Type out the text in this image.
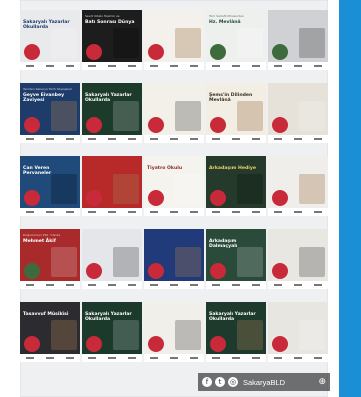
Sakaryalı Yazarlar Okullarda
Sevdi Kitabı Hazırlık ve
Batı Sonrası Dünya
Türk Sahaflı Mirasından
Hz. Mevlânâ
Yeniden Sakarya Tarih Söyleşileri
Geyve Eivanbey Zaviyesi
Sakaryalı Yazarlar Okullarda
Şems'in Dilinden Mevlânâ
Can Veren Pervaneler
Tiyatro Okulu	Arkadaşım Hediye
Doğumunun 150. Yılında
Mehmet Âkif	Arkadaşım Dalmaçyalı
Tasavvuf Mûsikîsi	Sakaryalı Yazarlar Okullarda
Sakaryalı Yazarlar Okullarda
f	t	◎ SakaryaBLD	⊕
